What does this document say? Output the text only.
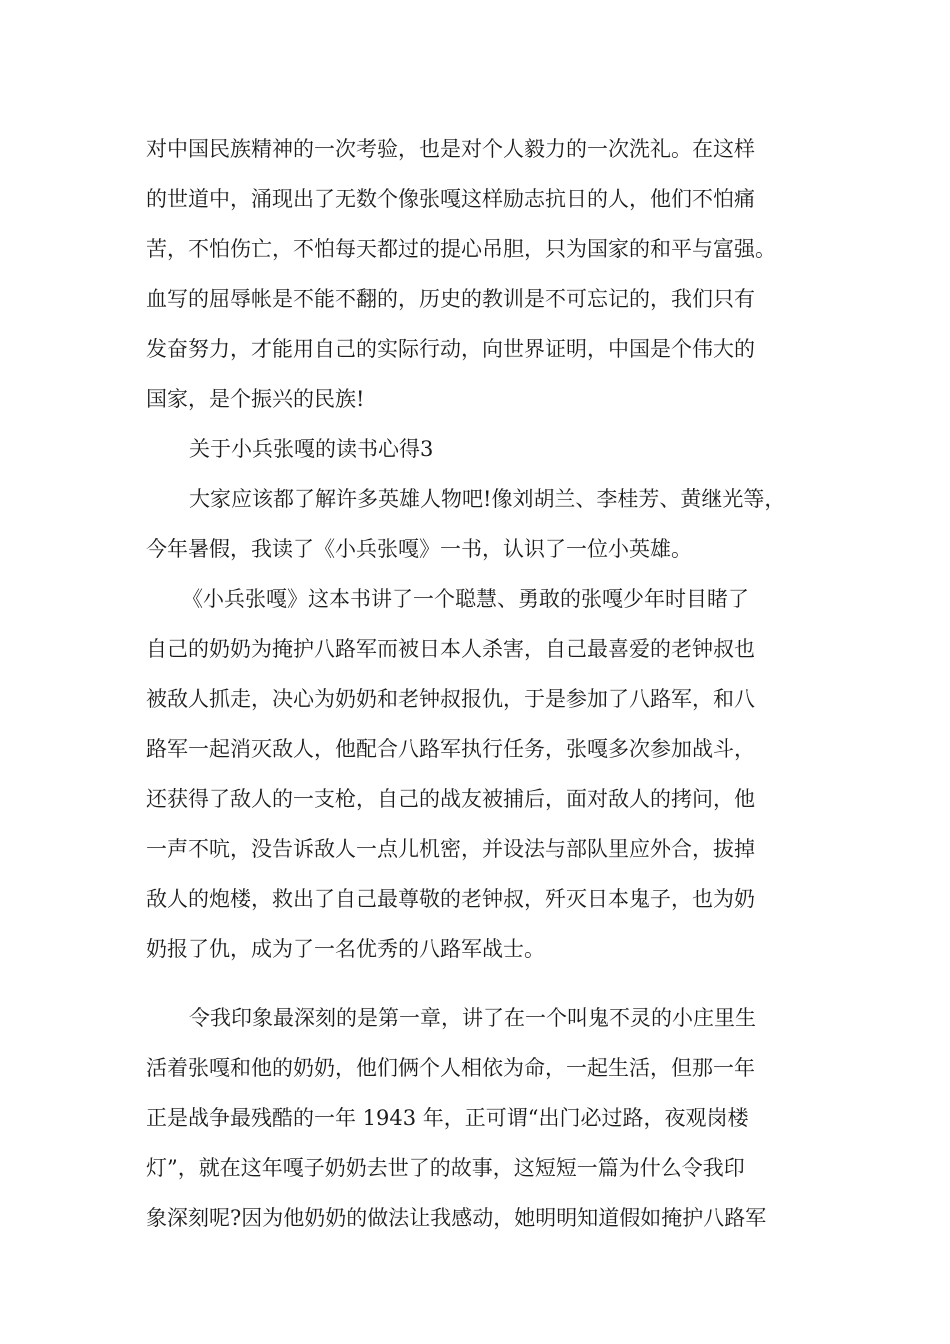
对中国民族精神的一次考验，也是对个人毅力的一次洗礼。在这样
的世道中，涌现出了无数个像张嘎这样励志抗日的人，他们不怕痛
苦，不怕伤亡，不怕每天都过的提心吊胆，只为国家的和平与富强。
血写的屈辱帐是不能不翻的，历史的教训是不可忘记的，我们只有
发奋努力，才能用自己的实际行动，向世界证明，中国是个伟大的
国家，是个振兴的民族!
关于小兵张嘎的读书心得3
大家应该都了解许多英雄人物吧!像刘胡兰、李桂芳、黄继光等，
今年暑假，我读了《小兵张嘎》一书，认识了一位小英雄。
《小兵张嘎》这本书讲了一个聪慧、勇敢的张嘎少年时目睹了
自己的奶奶为掩护八路军而被日本人杀害，自己最喜爱的老钟叔也
被敌人抓走，决心为奶奶和老钟叔报仇，于是参加了八路军，和八
路军一起消灭敌人，他配合八路军执行任务，张嘎多次参加战斗，
还获得了敌人的一支枪，自己的战友被捕后，面对敌人的拷问，他
一声不吭，没告诉敌人一点儿机密，并设法与部队里应外合，拔掉
敌人的炮楼，救出了自己最尊敬的老钟叔，歼灭日本鬼子，也为奶
奶报了仇，成为了一名优秀的八路军战士。
令我印象最深刻的是第一章，讲了在一个叫鬼不灵的小庄里生
活着张嘎和他的奶奶，他们俩个人相依为命，一起生活，但那一年
正是战争最残酷的一年 1943 年，正可谓“出门必过路，夜观岗楼
灯”，就在这年嘎子奶奶去世了的故事，这短短一篇为什么令我印
象深刻呢?因为他奶奶的做法让我感动，她明明知道假如掩护八路军
